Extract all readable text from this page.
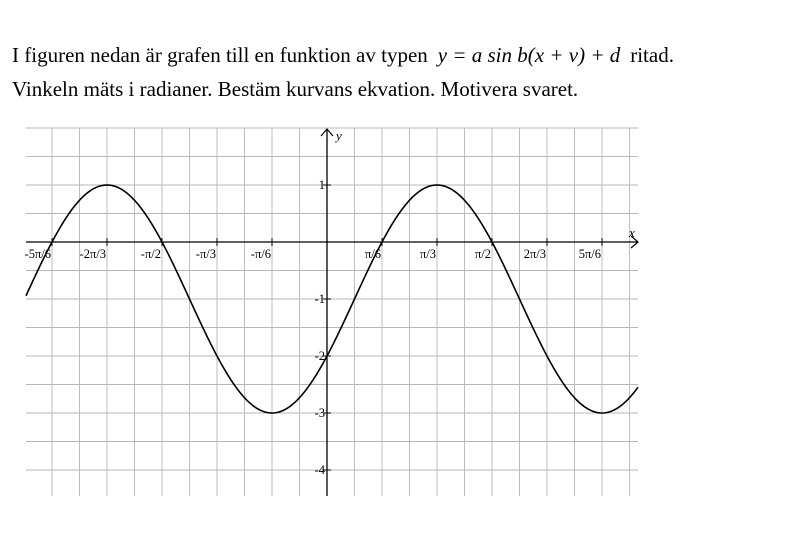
I figuren nedan är grafen till en funktion av typen y = a sin b(x + v) + d ritad.
Vinkeln mäts i radianer. Bestäm kurvans ekvation. Motivera svaret.
x
y
-5π/6 -2π/3	-π/2	-π/3	-π/6	π/6	π/3	π/2	2π/3	5π/6
1
-1
-2
-3
-4
